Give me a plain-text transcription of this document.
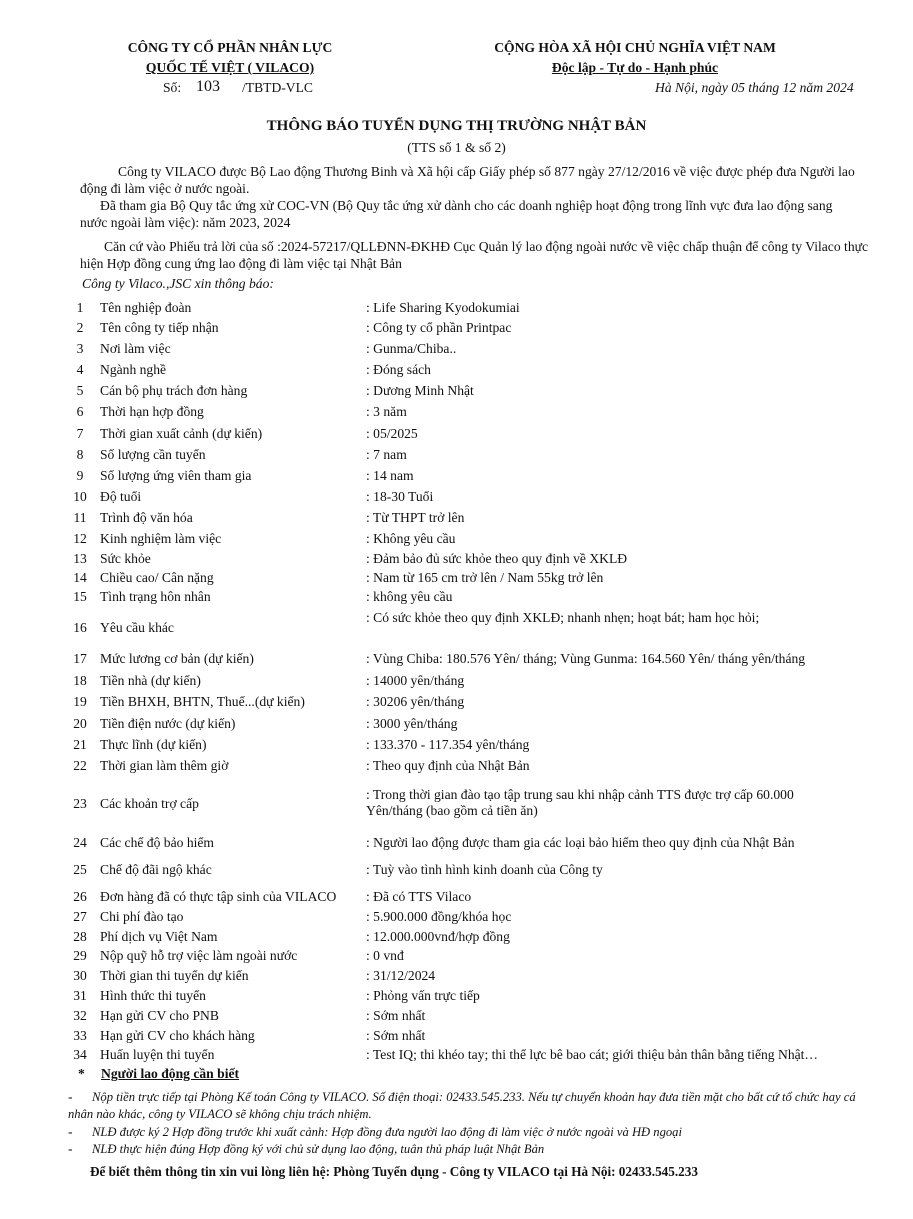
CÔNG TY CỔ PHẦN NHÂN LỰC
QUỐC TẾ VIỆT ( VILACO)
Số: 103 /TBTD-VLC
CỘNG HÒA XÃ HỘI CHỦ NGHĨA VIỆT NAM
Độc lập - Tự do - Hạnh phúc
Hà Nội, ngày 05 tháng 12 năm 2024
THÔNG BÁO TUYỂN DỤNG THỊ TRƯỜNG NHẬT BẢN
(TTS số 1 & số 2)
Công ty VILACO được Bộ Lao động Thương Binh và Xã hội cấp Giấy phép số 877 ngày 27/12/2016 về việc được phép đưa Người lao động đi làm việc ở nước ngoài.
Đã tham gia Bộ Quy tắc ứng xử COC-VN (Bộ Quy tắc ứng xử dành cho các doanh nghiệp hoạt động trong lĩnh vực đưa lao động sang nước ngoài làm việc): năm 2023, 2024
Căn cứ vào Phiếu trả lời của số :2024-57217/QLLĐNN-ĐKHĐ Cục Quản lý lao động ngoài nước về việc chấp thuận để công ty Vilaco thực hiện Hợp đồng cung ứng lao động đi làm việc tại Nhật Bản
Công ty Vilaco.,JSC xin thông báo:
1	Tên nghiệp đoàn	: Life Sharing Kyodokumiai
2	Tên công ty tiếp nhận	: Công ty cổ phần Printpac
3	Nơi làm việc	: Gunma/Chiba..
4	Ngành nghề	: Đóng sách
5	Cán bộ phụ trách đơn hàng	: Dương Minh Nhật
6	Thời hạn hợp đồng	: 3 năm
7	Thời gian xuất cảnh (dự kiến)	: 05/2025
8	Số lượng cần tuyển	: 7 nam
9	Số lượng ứng viên tham gia	: 14 nam
10 Độ tuổi	: 18-30 Tuổi
11 Trình độ văn hóa	: Từ THPT trở lên
12 Kinh nghiệm làm việc	: Không yêu cầu
13 Sức khỏe	: Đảm bảo đủ sức khỏe theo quy định về XKLĐ
14 Chiều cao/ Cân nặng	: Nam từ 165 cm trở lên / Nam 55kg trở lên
15 Tình trạng hôn nhân	: không yêu cầu
16 Yêu cầu khác
: Có sức khỏe theo quy định XKLĐ; nhanh nhẹn; hoạt bát; ham học hỏi;
17 Mức lương cơ bản (dự kiến)	: Vùng Chiba: 180.576 Yên/ tháng; Vùng Gunma: 164.560 Yên/ tháng yên/tháng
18 Tiền nhà (dự kiến)	: 14000 yên/tháng
19 Tiền BHXH, BHTN, Thuế...(dự kiến)	: 30206 yên/tháng
20 Tiền điện nước (dự kiến)	: 3000 yên/tháng
21 Thực lĩnh (dự kiến)	: 133.370 - 117.354 yên/tháng
22 Thời gian làm thêm giờ	: Theo quy định của Nhật Bản
23 Các khoản trợ cấp
: Trong thời gian đào tạo tập trung sau khi nhập cảnh TTS được trợ cấp 60.000 Yên/tháng (bao gồm cả tiền ăn)
24 Các chế độ bảo hiểm	: Người lao động được tham gia các loại bảo hiểm theo quy định của Nhật Bản
25 Chế độ đãi ngộ khác	: Tuỳ vào tình hình kinh doanh của Công ty
26 Đơn hàng đã có thực tập sinh của VILACO : Đã có TTS Vilaco
27 Chi phí đào tạo	: 5.900.000 đồng/khóa học
28 Phí dịch vụ Việt Nam	: 12.000.000vnđ/hợp đồng
29 Nộp quỹ hỗ trợ việc làm ngoài nước	: 0 vnđ
30 Thời gian thi tuyển dự kiến	: 31/12/2024
31 Hình thức thi tuyển	: Phỏng vấn trực tiếp
32 Hạn gửi CV cho PNB	: Sớm nhất
33 Hạn gửi CV cho khách hàng	: Sớm nhất
34 Huấn luyện thi tuyển	: Test IQ; thi khéo tay; thi thể lực bê bao cát; giới thiệu bản thân bằng tiếng Nhật…
* Người lao động cần biết
-	Nộp tiền trực tiếp tại Phòng Kế toán Công ty VILACO. Số điện thoại: 02433.545.233. Nếu tự chuyển khoản hay đưa tiền mặt cho bất cứ tổ chức hay cá nhân nào khác, công ty VILACO sẽ không chịu trách nhiệm.
- NLĐ được ký 2 Hợp đồng trước khi xuất cảnh: Hợp đồng đưa người lao động đi làm việc ở nước ngoài và HĐ ngoại
- NLĐ thực hiện đúng Hợp đồng ký với chủ sử dụng lao động, tuân thủ pháp luật Nhật Bản
Để biết thêm thông tin xin vui lòng liên hệ: Phòng Tuyển dụng - Công ty VILACO tại Hà Nội: 02433.545.233
